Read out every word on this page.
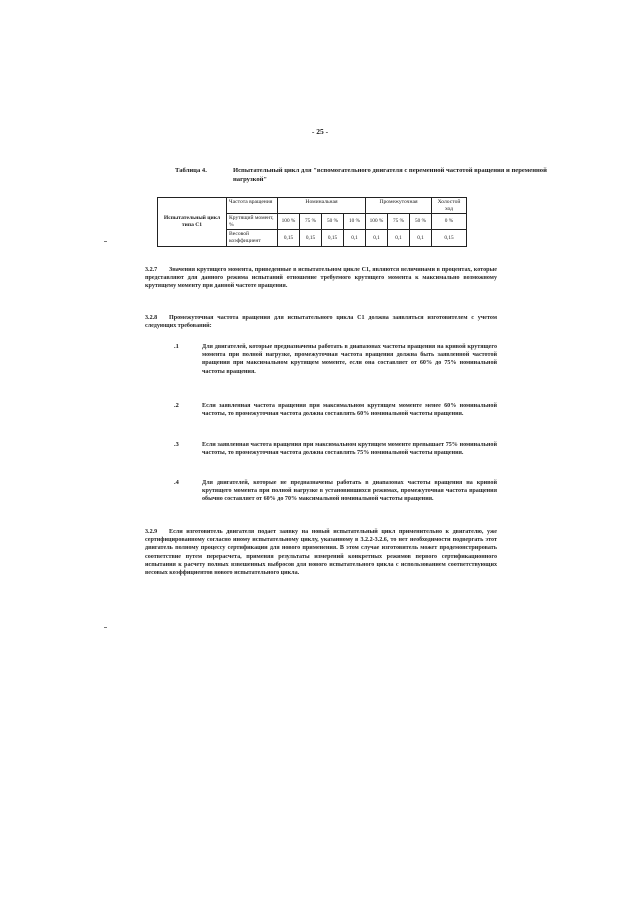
- 25 -
Таблица 4.	Испытательный цикл для "вспомогательного двигателя с переменной частотой вращения и переменной нагрузкой"
Испытательный цикл типа С1	Частота вращения	Номинальная				Промежуточная			Холостой ход
	Крутящий момент, %	100 %	75 %	50 %	10 %	100 %	75 %	50 %	0 %
	Весовой коэффициент	0,15	0,15	0,15	0,1	0,1	0,1	0,1	0,15
3.2.7 Значения крутящего момента, приведенные в испытательном цикле С1, являются величинами в процентах, которые представляют для данного режима испытаний отношение требуемого крутящего момента к максимально возможному крутящему моменту при данной частоте вращения.
3.2.8 Промежуточная частота вращения для испытательного цикла С1 должна заявляться изготовителем с учетом следующих требований:
.1	Для двигателей, которые предназначены работать в диапазонах частоты вращения на кривой крутящего момента при полной нагрузке, промежуточная частота вращения должна быть заявленной частотой вращения при максимальном крутящем моменте, если она составляет от 60% до 75% номинальной частоты вращения.
.2	Если заявленная частота вращения при максимальном крутящем моменте менее 60% номинальной частоты, то промежуточная частота должна составлять 60% номинальной частоты вращения.
.3	Если заявленная частота вращения при максимальном крутящем моменте превышает 75% номинальной частоты, то промежуточная частота должна составлять 75% номинальной частоты вращения.
.4	Для двигателей, которые не предназначены работать в диапазонах частоты вращения на кривой крутящего момента при полной нагрузке в установившихся режимах, промежуточная частота вращения обычно составляет от 60% до 70% максимальной номинальной частоты вращения.
3.2.9 Если изготовитель двигателя подает заявку на новый испытательный цикл применительно к двигателю, уже сертифицированному согласно иному испытательному циклу, указанному в 3.2.2-3.2.6, то нет необходимости подвергать этот двигатель полному процессу сертификации для нового применения. В этом случае изготовитель может продемонстрировать соответствие путем перерасчета, применяя результаты измерений конкретных режимов первого сертификационного испытания к расчету полных взвешенных выбросов для нового испытательного цикла с использованием соответствующих весовых коэффициентов нового испытательного цикла.
